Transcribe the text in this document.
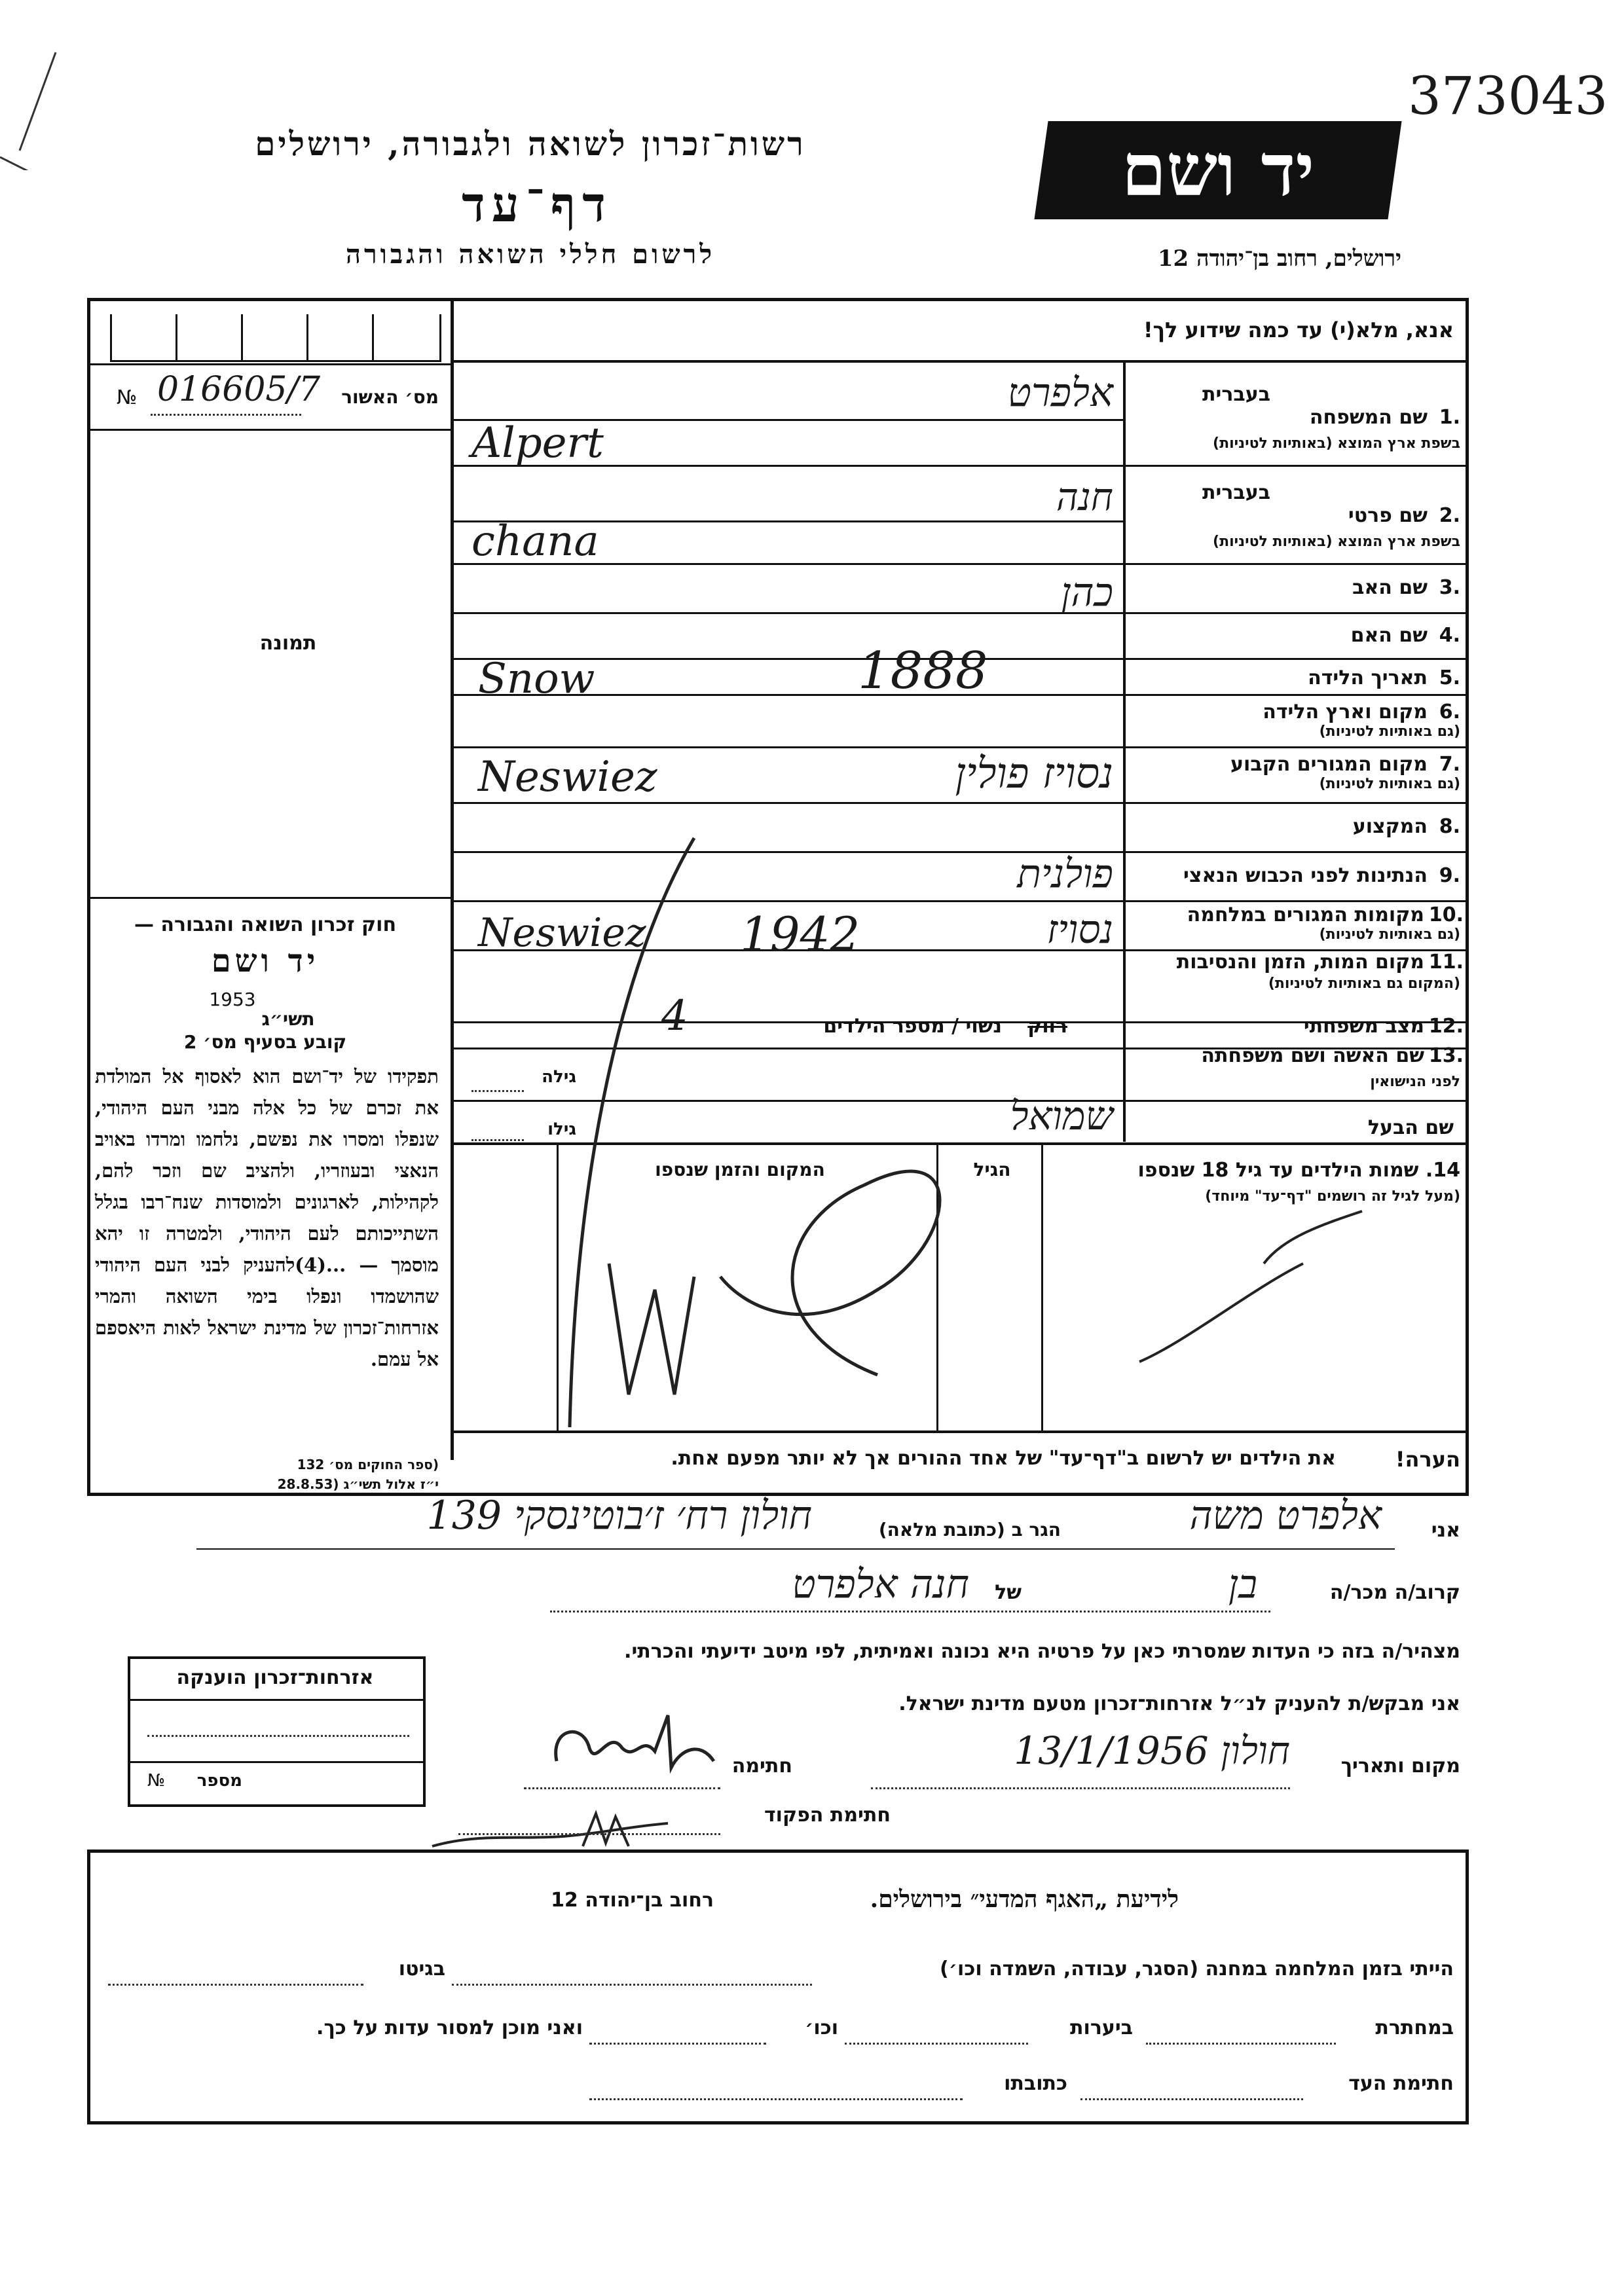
373043
רשות־זכרון לשואה ולגבורה, ירושלים
דף־עד
לרשום חללי השואה והגבורה
יד ושם
ירושלים, רחוב בן־יהודה 12
מס׳ האשור
016605/7
№
תמונה
אנא, מלא(י) עד כמה שידוע לך!
בעברית
1.
שם המשפחה
בשפת ארץ המוצא (באותיות לטיניות)
אלפרט
Alpert
בעברית
2.
שם פרטי
בשפת ארץ המוצא (באותיות לטיניות)
חנה
chana
3.
שם האב
כהן
4.
שם האם
5.
תאריך הלידה
1888
Snow
6.
מקום וארץ הלידה
(גם באותיות לטיניות)
7.
מקום המגורים הקבוע
(גם באותיות לטיניות)
נסויז פולין
Neswiez
8.
המקצוע
9.
הנתינות לפני הכבוש הנאצי
פולנית
10.
מקומות המגורים במלחמה
(גם באותיות לטיניות)
נסויז
1942
Neswiez
11.
מקום המות, הזמן והנסיבות
(המקום גם באותיות לטיניות)
12.
מצב משפחתי
רווק
נשוי / מספר הילדים
4
13.
שם האשה ושם משפחתה
לפני הנישואין
גילה
שם הבעל
שמואל
גילו
14. שמות הילדים עד גיל 18 שנספו
(מעל לגיל זה רושמים "דף־עד" מיוחד)
הגיל
המקום והזמן שנספו
הערה!
את הילדים יש לרשום ב"דף־עד" של אחד ההורים אך לא יותר מפעם אחת.
חוק זכרון השואה והגבורה —
יד ושם
תשי״ג
1953
קובע בסעיף מס׳ 2
תפקידו של יד־ושם הוא לאסוף אל המולדת את זכרם של כל אלה מבני העם היהודי, שנפלו ומסרו את נפשם, נלחמו ומרדו באויב הנאצי ובעוזריו, ולהציב שם וזכר להם, לקהילות, לארגונים ולמוסדות שנח־רבו בגלל השתייכותם לעם היהודי, ולמטרה זו יהא מוסמך — ...(4)להעניק לבני העם היהודי שהושמדו ונפלו בימי השואה והמרי אזרחות־זכרון של מדינת ישראל לאות היאספם אל עמם.
(ספר החוקים מס׳ 132
י״ז אלול תשי״ג (28.8.53
אני
אלפרט משה
הגר ב (כתובת מלאה)
חולון רח׳ ז׳בוטינסקי 139
קרוב/ה מכר/ה
בן
של
חנה אלפרט
מצהיר/ה בזה כי העדות שמסרתי כאן על פרטיה היא נכונה ואמיתית, לפי מיטב ידיעתי והכרתי.
אני מבקש/ת להעניק לנ״ל אזרחות־זכרון מטעם מדינת ישראל.
מקום ותאריך
חולון 13/1/1956
חתימה
חתימת הפקוד
אזרחות־זכרון הוענקה
מספר
№
לידיעת „האגף המדעי״ בירושלים.
רחוב בן־יהודה 12
הייתי בזמן המלחמה במחנה (הסגר, עבודה, השמדה וכו׳)
בגיטו
במחתרת
ביערות
וכו׳
ואני מוכן למסור עדות על כך.
חתימת העד
כתובתו
